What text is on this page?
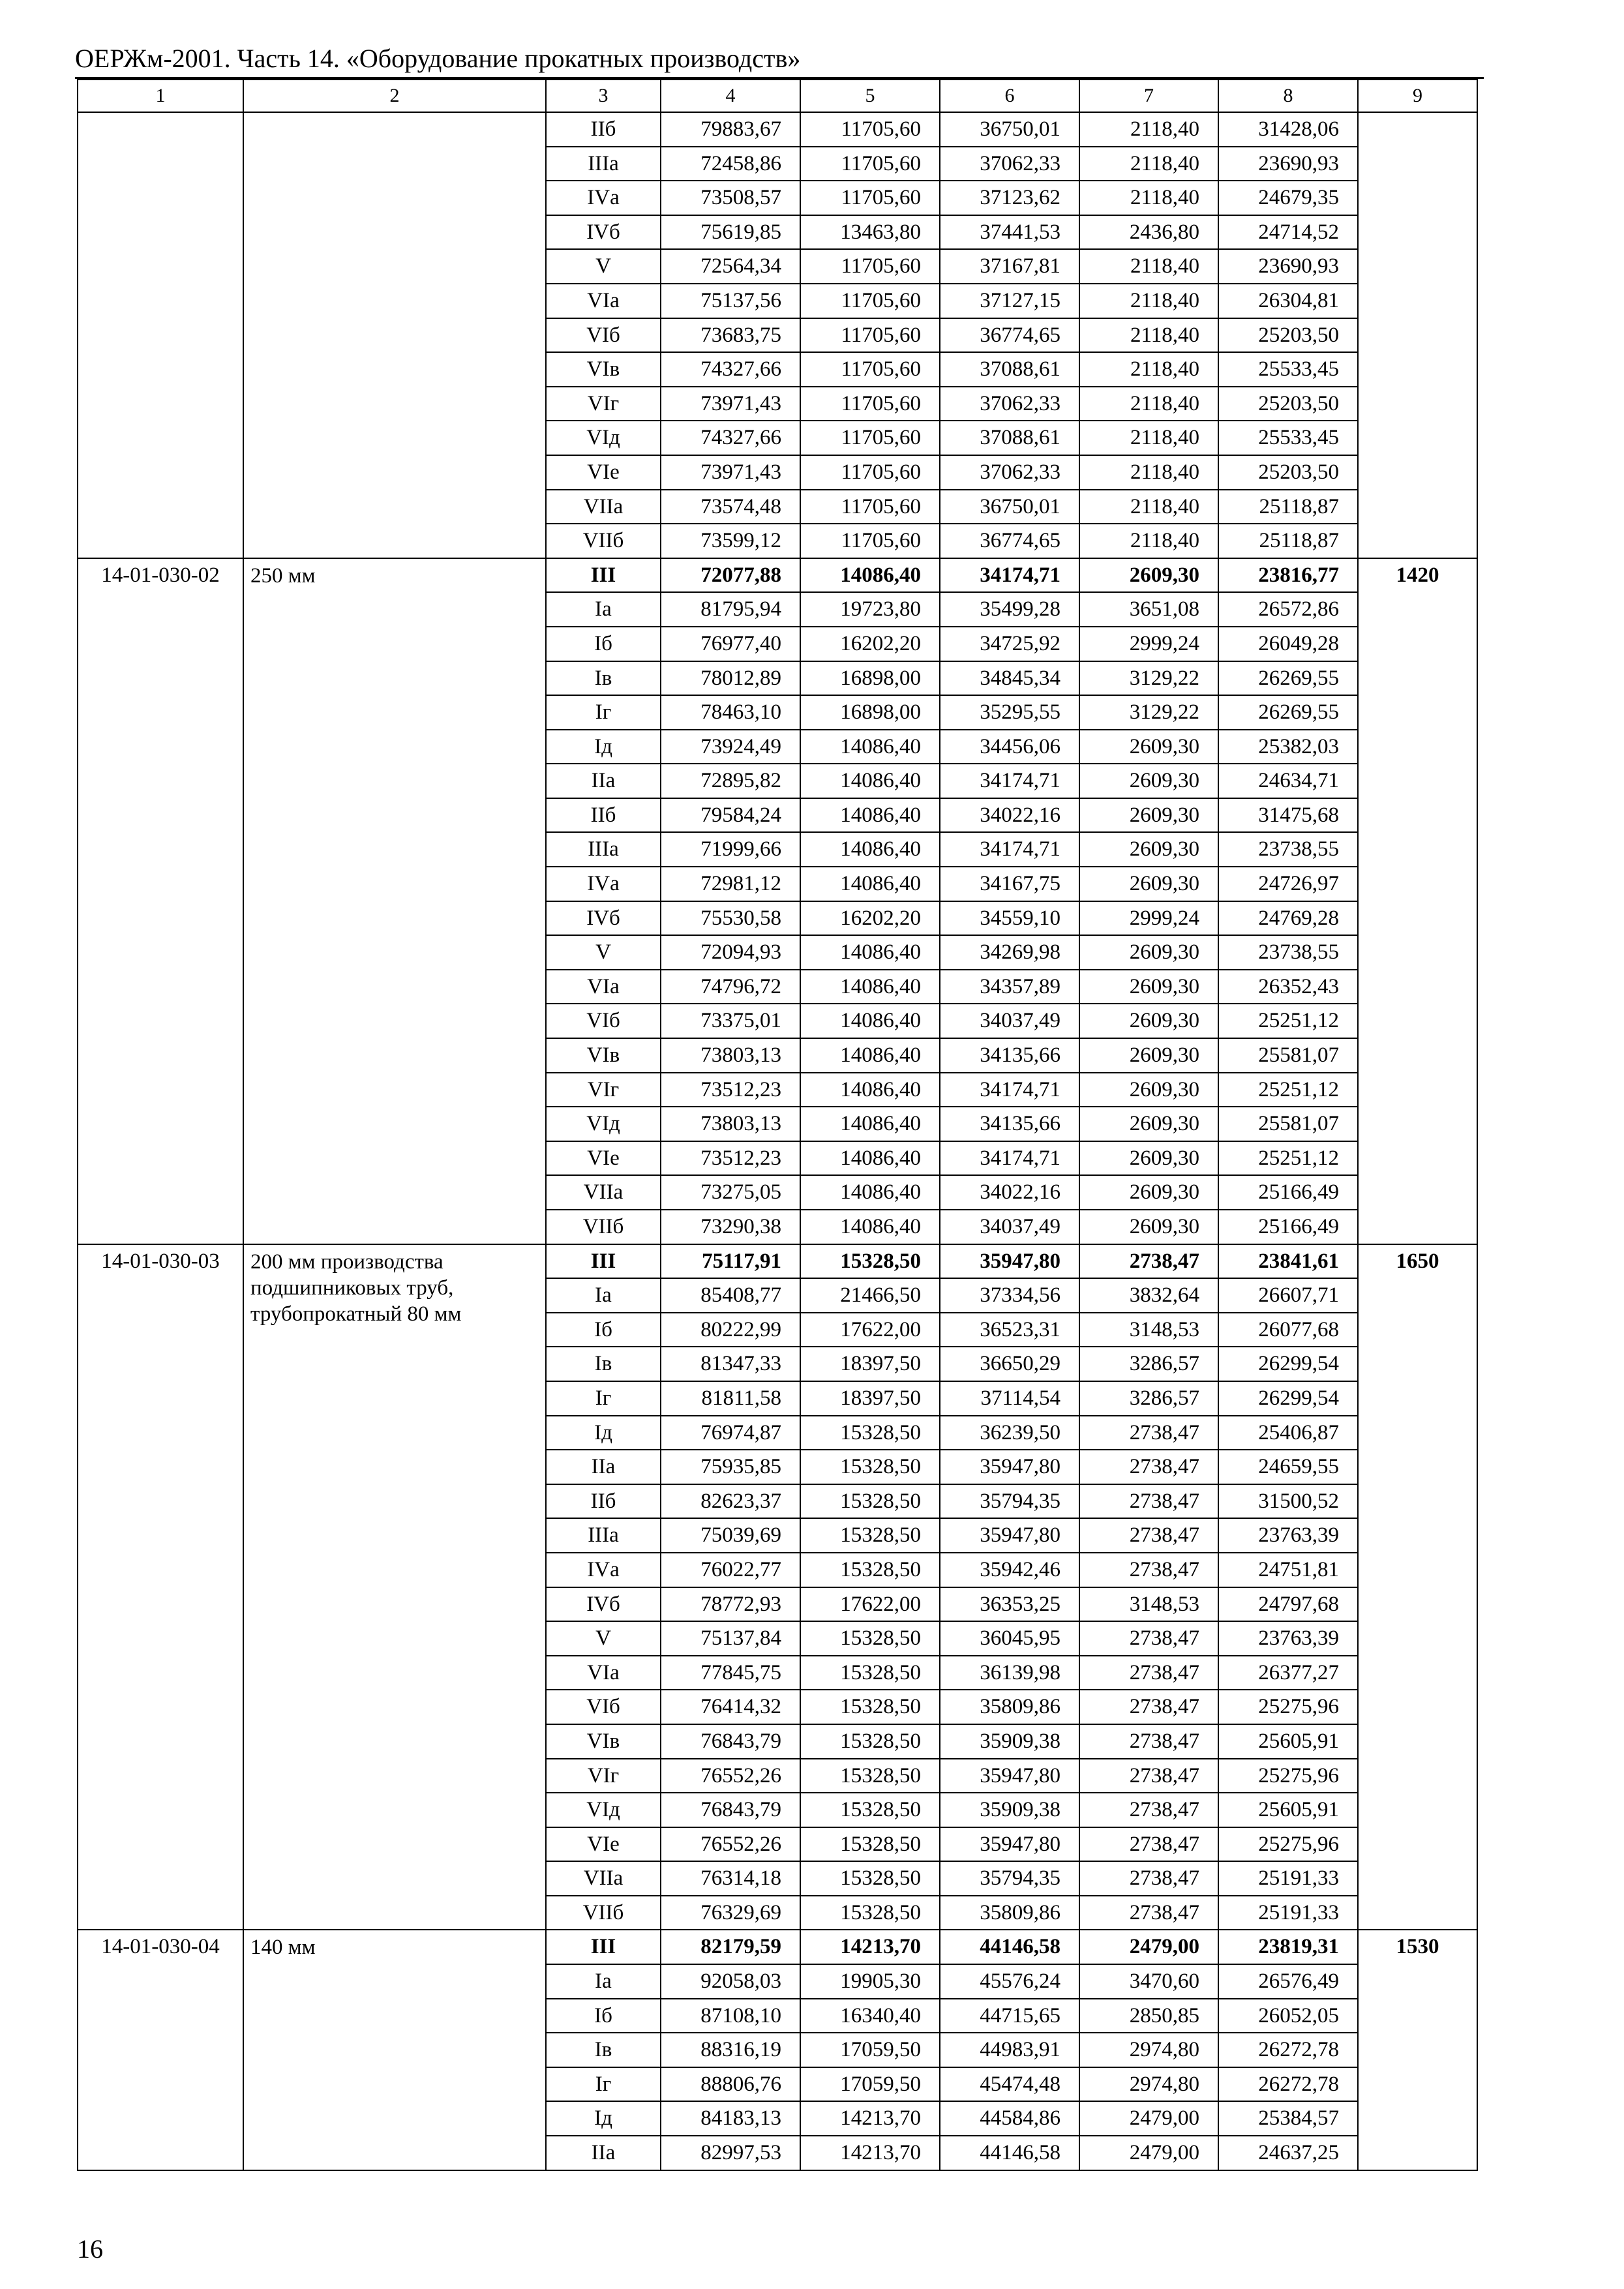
ОЕРЖм-2001. Часть 14. «Оборудование прокатных производств»
1	2	3	4	5	6	7	8	9
		IIб	79883,67	11705,60	36750,01	2118,40	31428,06	
		IIIа	72458,86	11705,60	37062,33	2118,40	23690,93	
		IVа	73508,57	11705,60	37123,62	2118,40	24679,35	
		IVб	75619,85	13463,80	37441,53	2436,80	24714,52	
		V	72564,34	11705,60	37167,81	2118,40	23690,93	
		VIа	75137,56	11705,60	37127,15	2118,40	26304,81	
		VIб	73683,75	11705,60	36774,65	2118,40	25203,50	
		VIв	74327,66	11705,60	37088,61	2118,40	25533,45	
		VIг	73971,43	11705,60	37062,33	2118,40	25203,50	
		VIд	74327,66	11705,60	37088,61	2118,40	25533,45	
		VIе	73971,43	11705,60	37062,33	2118,40	25203,50	
		VIIа	73574,48	11705,60	36750,01	2118,40	25118,87	
		VIIб	73599,12	11705,60	36774,65	2118,40	25118,87	
14-01-030-02	250 мм	III	72077,88	14086,40	34174,71	2609,30	23816,77	1420
		Iа	81795,94	19723,80	35499,28	3651,08	26572,86	
		Iб	76977,40	16202,20	34725,92	2999,24	26049,28	
		Iв	78012,89	16898,00	34845,34	3129,22	26269,55	
		Iг	78463,10	16898,00	35295,55	3129,22	26269,55	
		Iд	73924,49	14086,40	34456,06	2609,30	25382,03	
		IIа	72895,82	14086,40	34174,71	2609,30	24634,71	
		IIб	79584,24	14086,40	34022,16	2609,30	31475,68	
		IIIа	71999,66	14086,40	34174,71	2609,30	23738,55	
		IVа	72981,12	14086,40	34167,75	2609,30	24726,97	
		IVб	75530,58	16202,20	34559,10	2999,24	24769,28	
		V	72094,93	14086,40	34269,98	2609,30	23738,55	
		VIа	74796,72	14086,40	34357,89	2609,30	26352,43	
		VIб	73375,01	14086,40	34037,49	2609,30	25251,12	
		VIв	73803,13	14086,40	34135,66	2609,30	25581,07	
		VIг	73512,23	14086,40	34174,71	2609,30	25251,12	
		VIд	73803,13	14086,40	34135,66	2609,30	25581,07	
		VIе	73512,23	14086,40	34174,71	2609,30	25251,12	
		VIIа	73275,05	14086,40	34022,16	2609,30	25166,49	
		VIIб	73290,38	14086,40	34037,49	2609,30	25166,49	
14-01-030-03	200 мм производства подшипниковых труб, трубопрокатный 80 мм	III	75117,91	15328,50	35947,80	2738,47	23841,61	1650
		Iа	85408,77	21466,50	37334,56	3832,64	26607,71	
		Iб	80222,99	17622,00	36523,31	3148,53	26077,68	
		Iв	81347,33	18397,50	36650,29	3286,57	26299,54	
		Iг	81811,58	18397,50	37114,54	3286,57	26299,54	
		Iд	76974,87	15328,50	36239,50	2738,47	25406,87	
		IIа	75935,85	15328,50	35947,80	2738,47	24659,55	
		IIб	82623,37	15328,50	35794,35	2738,47	31500,52	
		IIIа	75039,69	15328,50	35947,80	2738,47	23763,39	
		IVа	76022,77	15328,50	35942,46	2738,47	24751,81	
		IVб	78772,93	17622,00	36353,25	3148,53	24797,68	
		V	75137,84	15328,50	36045,95	2738,47	23763,39	
		VIа	77845,75	15328,50	36139,98	2738,47	26377,27	
		VIб	76414,32	15328,50	35809,86	2738,47	25275,96	
		VIв	76843,79	15328,50	35909,38	2738,47	25605,91	
		VIг	76552,26	15328,50	35947,80	2738,47	25275,96	
		VIд	76843,79	15328,50	35909,38	2738,47	25605,91	
		VIе	76552,26	15328,50	35947,80	2738,47	25275,96	
		VIIа	76314,18	15328,50	35794,35	2738,47	25191,33	
		VIIб	76329,69	15328,50	35809,86	2738,47	25191,33	
14-01-030-04	140 мм	III	82179,59	14213,70	44146,58	2479,00	23819,31	1530
		Iа	92058,03	19905,30	45576,24	3470,60	26576,49	
		Iб	87108,10	16340,40	44715,65	2850,85	26052,05	
		Iв	88316,19	17059,50	44983,91	2974,80	26272,78	
		Iг	88806,76	17059,50	45474,48	2974,80	26272,78	
		Iд	84183,13	14213,70	44584,86	2479,00	25384,57	
		IIа	82997,53	14213,70	44146,58	2479,00	24637,25	
16
